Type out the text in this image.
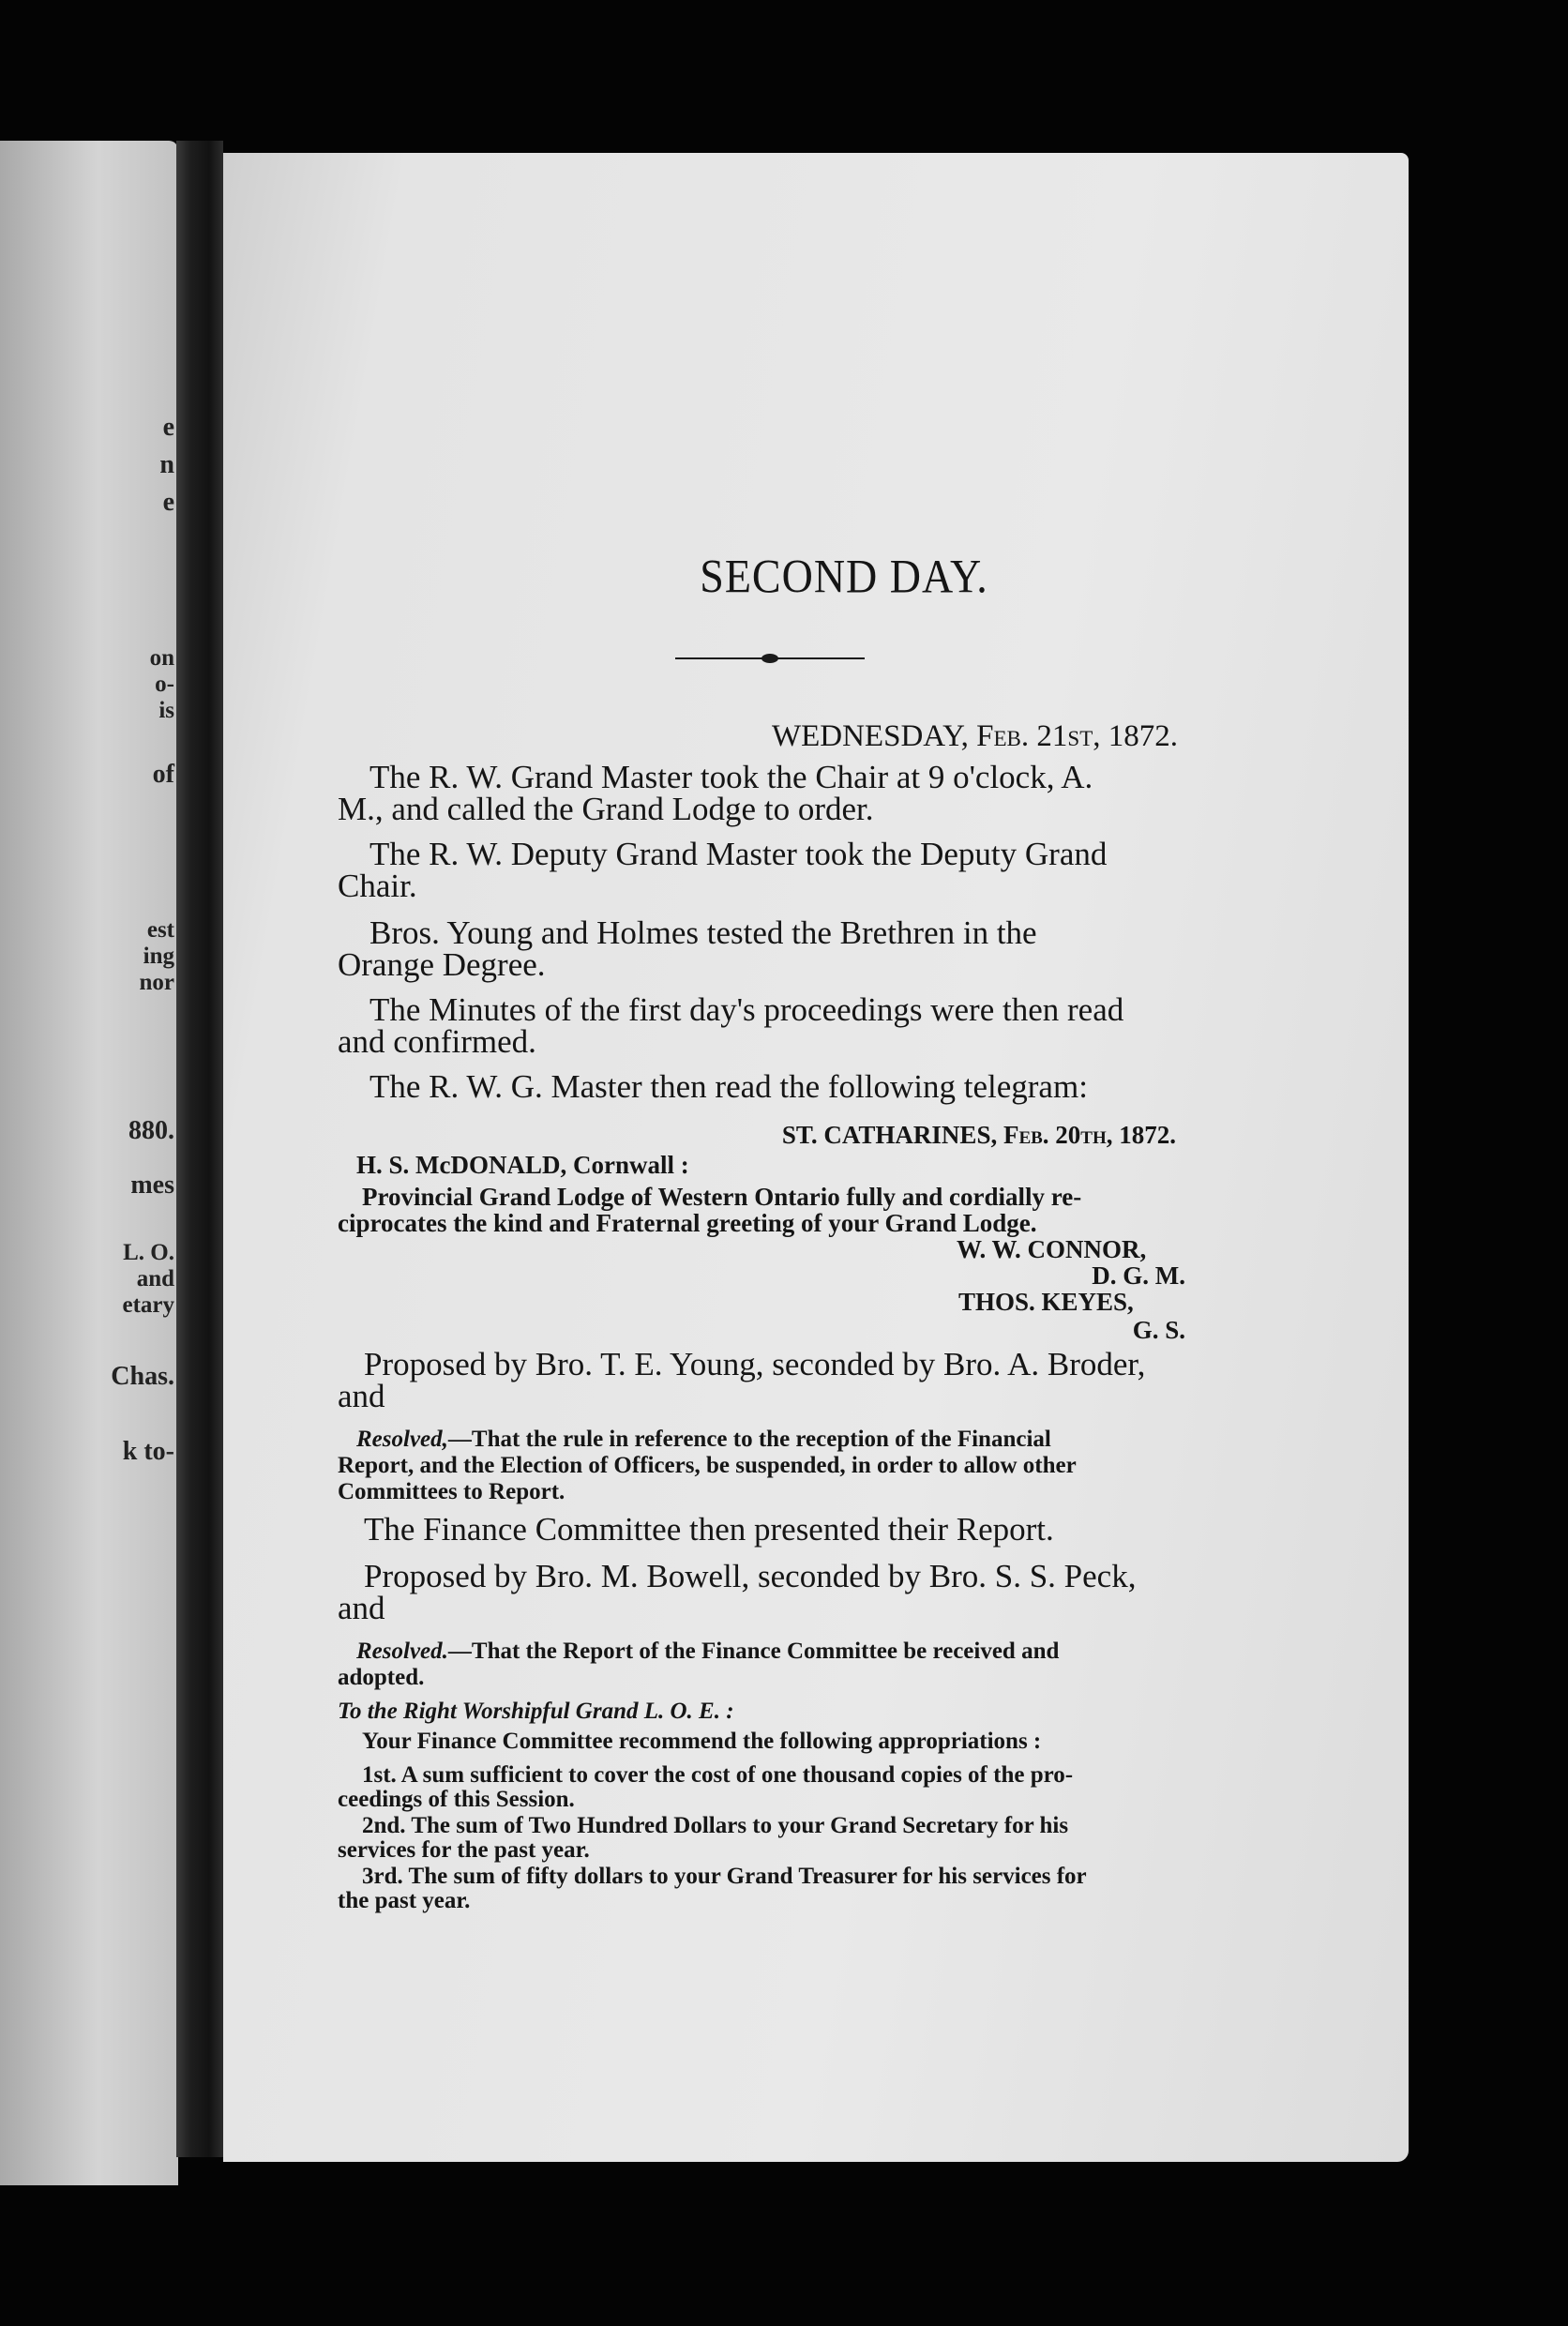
e
n
e
on
o-
is
of
est
ing
nor
880.
mes
L. O.
and
etary
Chas.
k to-
SECOND DAY.
WEDNESDAY, Feb. 21st, 1872.
The R. W. Grand Master took the Chair at 9 o'clock, A.
M., and called the Grand Lodge to order.
The R. W. Deputy Grand Master took the Deputy Grand
Chair.
Bros. Young and Holmes tested the Brethren in the
Orange Degree.
The Minutes of the first day's proceedings were then read
and confirmed.
The R. W. G. Master then read the following telegram:
ST. CATHARINES, Feb. 20th, 1872.
H. S. McDONALD, Cornwall :
Provincial Grand Lodge of Western Ontario fully and cordially re-
ciprocates the kind and Fraternal greeting of your Grand Lodge.
W. W. CONNOR,
D. G. M.
THOS. KEYES,
G. S.
Proposed by Bro. T. E. Young, seconded by Bro. A. Broder,
and
Resolved,—That the rule in reference to the reception of the Financial
Report, and the Election of Officers, be suspended, in order to allow other
Committees to Report.
The Finance Committee then presented their Report.
Proposed by Bro. M. Bowell, seconded by Bro. S. S. Peck,
and
Resolved.—That the Report of the Finance Committee be received and
adopted.
To the Right Worshipful Grand L. O. E. :
Your Finance Committee recommend the following appropriations :
1st. A sum sufficient to cover the cost of one thousand copies of the pro-
ceedings of this Session.
2nd. The sum of Two Hundred Dollars to your Grand Secretary for his
services for the past year.
3rd. The sum of fifty dollars to your Grand Treasurer for his services for
the past year.
